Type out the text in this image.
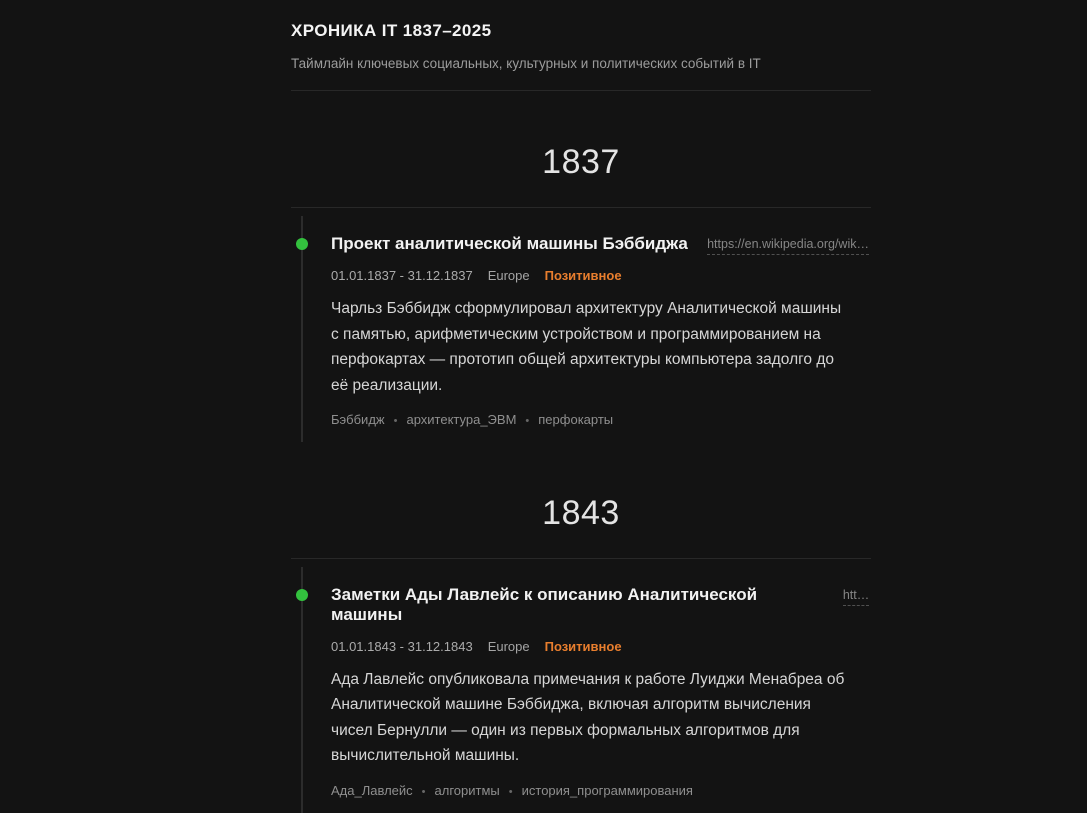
ХРОНИКА IT 1837–2025

Таймлайн ключевых социальных, культурных и политических событий в IT

1837
Проект аналитической машины Бэббиджа https://en.wikipedia.org/wik…
01.01.1837 - 31.12.1837 Europe Позитивное

Чарльз Бэббидж сформулировал архитектуру Аналитической машины с памятью, арифметическим устройством и программированием на перфокартах — прототип общей архитектуры компьютера задолго до её реализации.

Бэббидж	• архитектура_ЭВМ	• перфокарты
1843
Заметки Ады Лавлейс к описанию Аналитической машины
htt…
01.01.1843 - 31.12.1843 Europe Позитивное

Ада Лавлейс опубликовала примечания к работе Луиджи Менабреа об Аналитической машине Бэббиджа, включая алгоритм вычисления чисел Бернулли — один из первых формальных алгоритмов для вычислительной машины.

Ада_Лавлейс	• алгоритмы	• история_программирования
